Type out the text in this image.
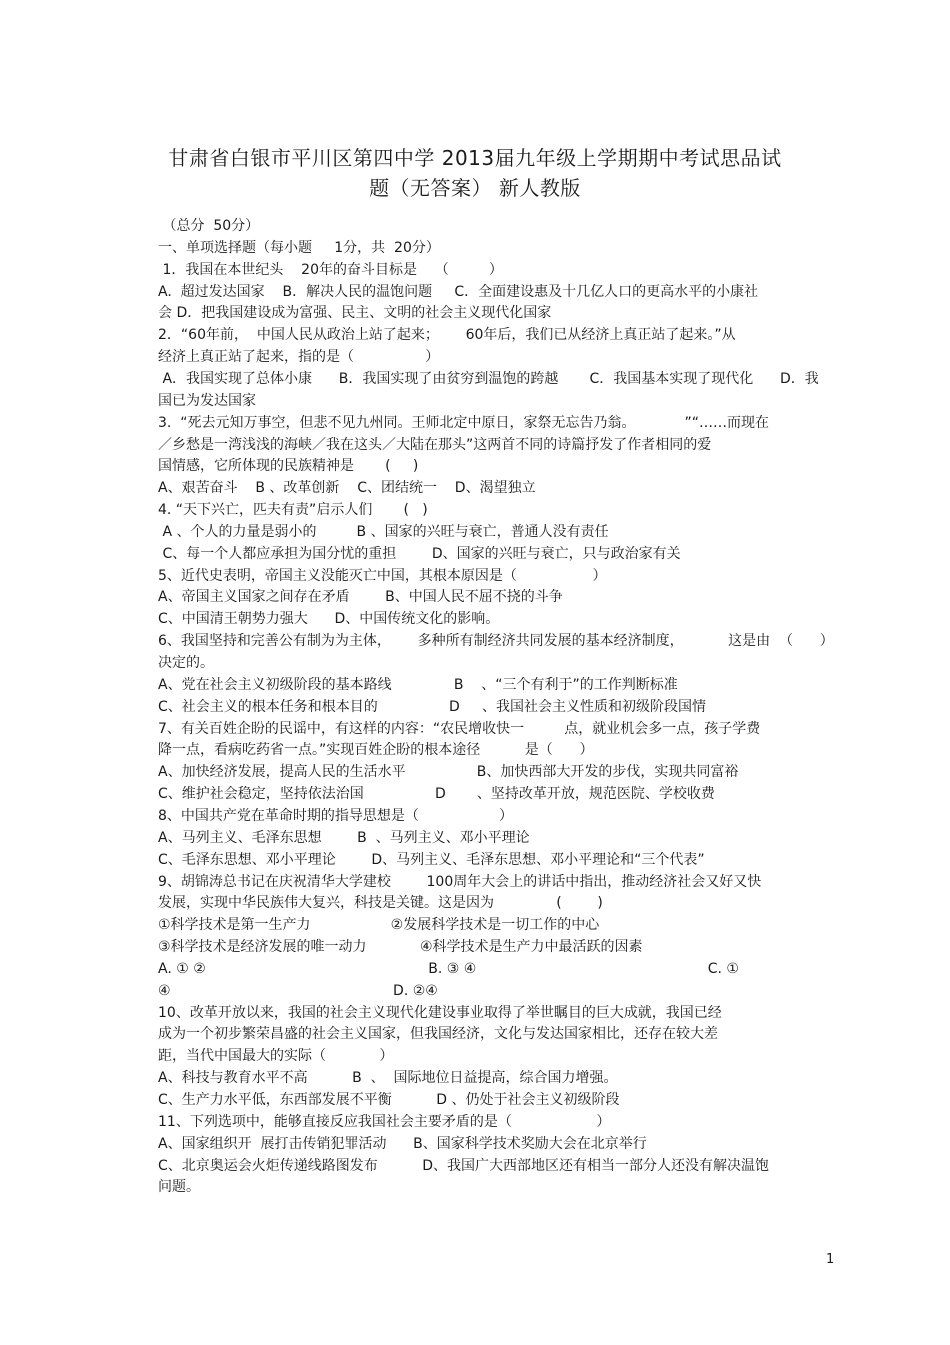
甘肃省白银市平川区第四中学 2013届九年级上学期期中考试思品试
题（无答案） 新人教版
（总分  50分）
一、单项选择题（每小题     1分，共  20分）
1．我国在本世纪头    20年的奋斗目标是    （         ）
A.  超过发达国家    B．解决人民的温饱问题     C．全面建设惠及十几亿人口的更高水平的小康社
会 D．把我国建设成为富强、民主、文明的社会主义现代化国家
2．“60年前，  中国人民从政治上站了起来；      60年后，我们已从经济上真正站了起来。”从
经济上真正站了起来，指的是（                ）
A．我国实现了总体小康      B．我国实现了由贫穷到温饱的跨越       C．我国基本实现了现代化      D．我
国已为发达国家
3.  “死去元知万事空，但悲不见九州同。王师北定中原日，家祭无忘告乃翁。           ”“……而现在
／乡愁是一湾浅浅的海峡／我在这头／大陆在那头”这两首不同的诗篇抒发了作者相同的爱
国情感，它所体现的民族精神是       (     )
A、艰苦奋斗    B 、改革创新    C、团结统一    D、渴望独立
4. “天下兴亡，匹夫有责”启示人们       (   )
A 、个人的力量是弱小的         B 、国家的兴旺与衰亡，普通人没有责任
C、每一个人都应承担为国分忧的重担        D、国家的兴旺与衰亡，只与政治家有关
5、近代史表明，帝国主义没能灭亡中国，其根本原因是（                 ）
A、帝国主义国家之间存在矛盾        B、中国人民不屈不挠的斗争
C、中国清王朝势力强大      D、中国传统文化的影响。
6、我国坚持和完善公有制为为主体，      多种所有制经济共同发展的基本经济制度，          这是由  （      ）
决定的。
A、党在社会主义初级阶段的基本路线              B    、“三个有利于”的工作判断标准
C、社会主义的根本任务和根本目的                D     、我国社会主义性质和初级阶段国情
7、有关百姓企盼的民谣中，有这样的内容：“农民增收快一         点，就业机会多一点，孩子学费
降一点，看病吃药省一点。”实现百姓企盼的根本途径          是（      ）
A、加快经济发展，提高人民的生活水平                B、加快西部大开发的步伐，实现共同富裕
C、维护社会稳定，坚持依法治国                D       、坚持改革开放，规范医院、学校收费
8、中国共产党在革命时期的指导思想是（                  ）
A、马列主义、毛泽东思想        B  、马列主义、邓小平理论
C、毛泽东思想、邓小平理论        D、马列主义、毛泽东思想、邓小平理论和“三个代表”
9、胡锦涛总书记在庆祝清华大学建校        100周年大会上的讲话中指出，推动经济社会又好又快
发展，实现中华民族伟大复兴，科技是关键。这是因为              (        )
①科学技术是第一生产力                  ②发展科学技术是一切工作的中心
③科学技术是经济发展的唯一动力            ④科学技术是生产力中最活跃的因素
A. ① ②                                                  B. ③ ④                                                    C. ①
④                                                  D. ②④
10、改革开放以来，我国的社会主义现代化建设事业取得了举世瞩目的巨大成就，我国已经
成为一个初步繁荣昌盛的社会主义国家，但我国经济，文化与发达国家相比，还存在较大差
距，当代中国最大的实际（            ）
A、科技与教育水平不高          B  、  国际地位日益提高，综合国力增强。
C、生产力水平低，东西部发展不平衡          D 、仍处于社会主义初级阶段
11、下列选项中，能够直接反应我国社会主要矛盾的是（                   ）
A、国家组织开  展打击传销犯罪活动      B、国家科学技术奖励大会在北京举行
C、北京奥运会火炬传递线路图发布          D、我国广大西部地区还有相当一部分人还没有解决温饱
问题。
1
